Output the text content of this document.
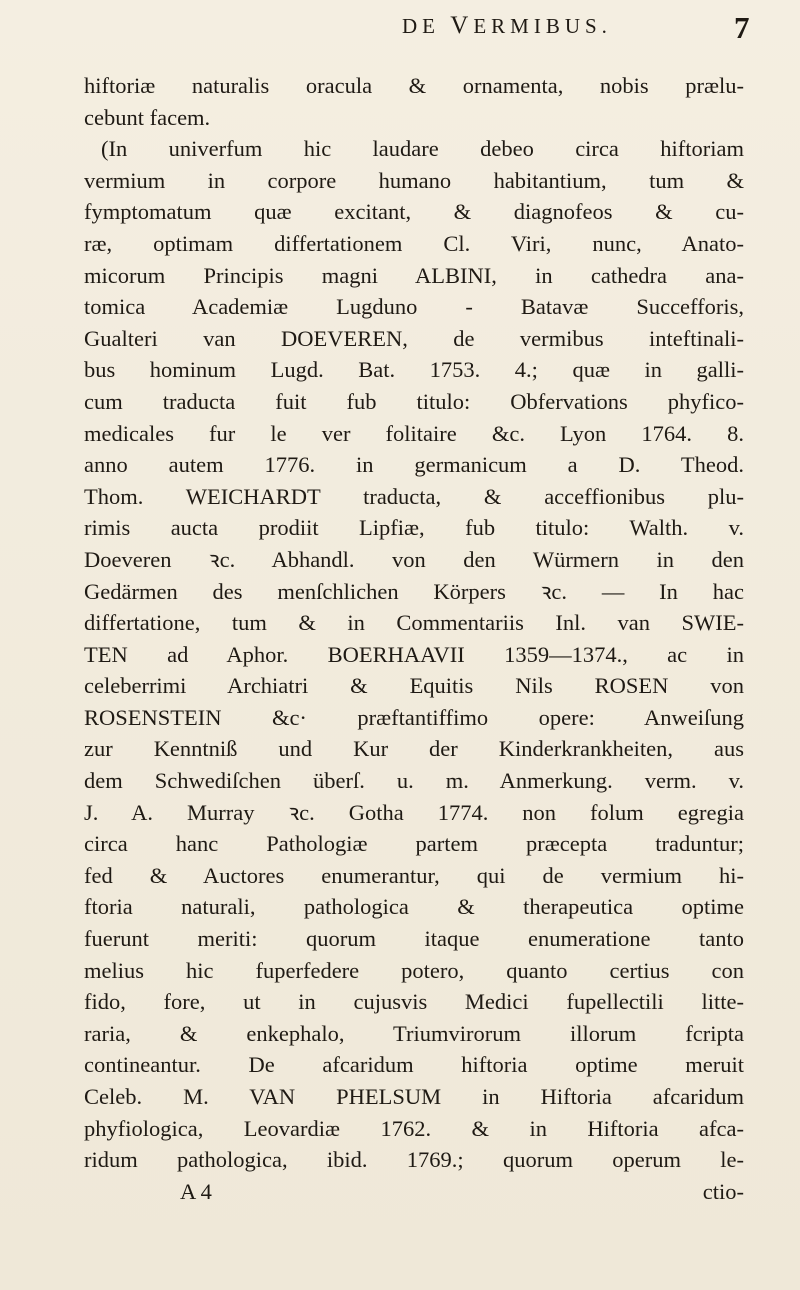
DE VERMIBUS.	7
hiftoriæ naturalis oracula & ornamenta, nobis prælu-
cebunt facem.
(In univerfum hic laudare debeo circa hiftoriam
vermium in corpore humano habitantium, tum &
fymptomatum quæ excitant, & diagnofeos & cu-
ræ, optimam differtationem Cl. Viri, nunc, Anato-
micorum Principis magni ALBINI, in cathedra ana-
tomica Academiæ Lugduno - Batavæ Succefforis,
Gualteri van DOEVEREN, de vermibus inteftinali-
bus hominum Lugd. Bat. 1753. 4.; quæ in galli-
cum traducta fuit fub titulo: Obfervations phyfico-
medicales fur le ver folitaire &c. Lyon 1764. 8.
anno autem 1776. in germanicum a D. Theod.
Thom. WEICHARDT traducta, & acceffionibus plu-
rimis aucta prodiit Lipfiæ, fub titulo: Walth. v.
Doeveren ꝛc. Abhandl. von den Würmern in den
Gedärmen des menſchlichen Körpers ꝛc. — In hac
differtatione, tum & in Commentariis Inl. van SWIE-
TEN ad Aphor. BOERHAAVII 1359—1374., ac in
celeberrimi Archiatri & Equitis Nils ROSEN von
ROSENSTEIN &c· præftantiffimo opere: Anweiſung
zur Kenntniß und Kur der Kinderkrankheiten, aus
dem Schwediſchen überſ. u. m. Anmerkung. verm. v.
J. A. Murray ꝛc. Gotha 1774. non folum egregia
circa hanc Pathologiæ partem præcepta traduntur;
fed & Auctores enumerantur, qui de vermium hi-
ftoria naturali, pathologica & therapeutica optime
fuerunt meriti: quorum itaque enumeratione tanto
melius hic fuperfedere potero, quanto certius con
fido, fore, ut in cujusvis Medici fupellectili litte-
raria, & enkephalo, Triumvirorum illorum fcripta
contineantur. De afcaridum hiftoria optime meruit
Celeb. M. VAN PHELSUM in Hiftoria afcaridum
phyfiologica, Leovardiæ 1762. & in Hiftoria afca-
ridum pathologica, ibid. 1769.; quorum operum le-
A 4	ctio-
